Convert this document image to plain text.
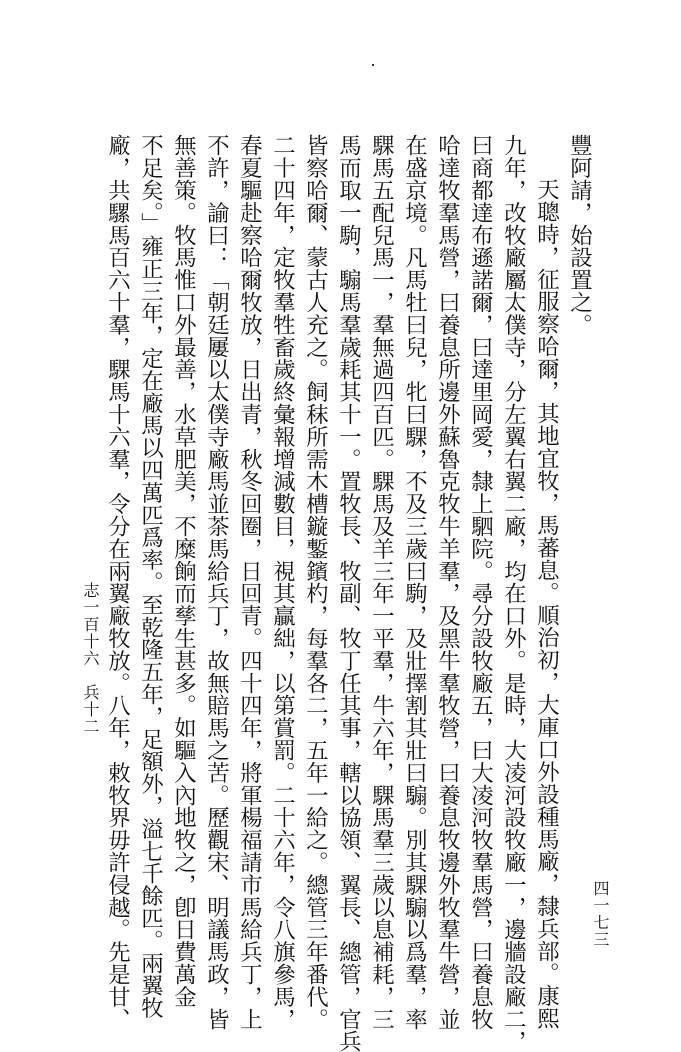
廠，共騾馬百六十羣，騍馬十六羣，令分在兩翼廠牧放。八年，敕牧界毋許侵越。先是甘、 不足矣。」雍正三年，定在廠馬以四萬匹爲率。至乾隆五年，足額外，溢七千餘匹。兩翼牧 無善策。牧馬惟口外最善，水草肥美，不糜餉而孳生甚多。如驅入內地牧之，卽日費萬金 不許，諭曰：「朝廷屢以太僕寺廠馬並茶馬給兵丁，故無賠馬之苦。歷觀宋、明議馬政，皆 春夏驅赴察哈爾牧放，日出青，秋冬回圈，日回青。四十四年，將軍楊福請市馬給兵丁，上 二十四年，定牧羣牲畜歲終彙報增減數目，視其贏絀，以第賞罰。二十六年，令八旗參馬， 皆察哈爾、蒙古人充之。飼秣所需木槽鏇鏨鑌杓，每羣各二，五年一給之。總管三年番代。 馬而取一駒，騸馬羣歲耗其十一。置牧長、牧副、牧丁任其事，轄以協領、翼長、總管，官兵 騍馬五配兒馬一，羣無過四百匹。騍馬及羊三年一平羣，牛六年，騍馬羣三歲以息補耗，三 在盛京境。凡馬牡曰兒，牝曰騍，不及三歲曰駒，及壯擇割其壯曰騸。別其騍騸以爲羣，率 哈達牧羣馬營，曰養息所邊外蘇魯克牧牛羊羣，及黑牛羣牧營，曰養息牧邊外牧羣牛營，並 曰商都達布遜諾爾，曰達里岡愛，隸上駟院。尋分設牧廠五，曰大凌河牧羣馬營，曰養息牧 九年，改牧廠屬太僕寺，分左翼右翼二廠，均在口外。是時，大凌河設牧廠一，邊牆設廠二， 天聰時，征服察哈爾，其地宜牧，馬蕃息。順治初，大庫口外設種馬廠，隸兵部。康熙 豐阿請，始設置之。
志一百十六　兵十二
四一七三
